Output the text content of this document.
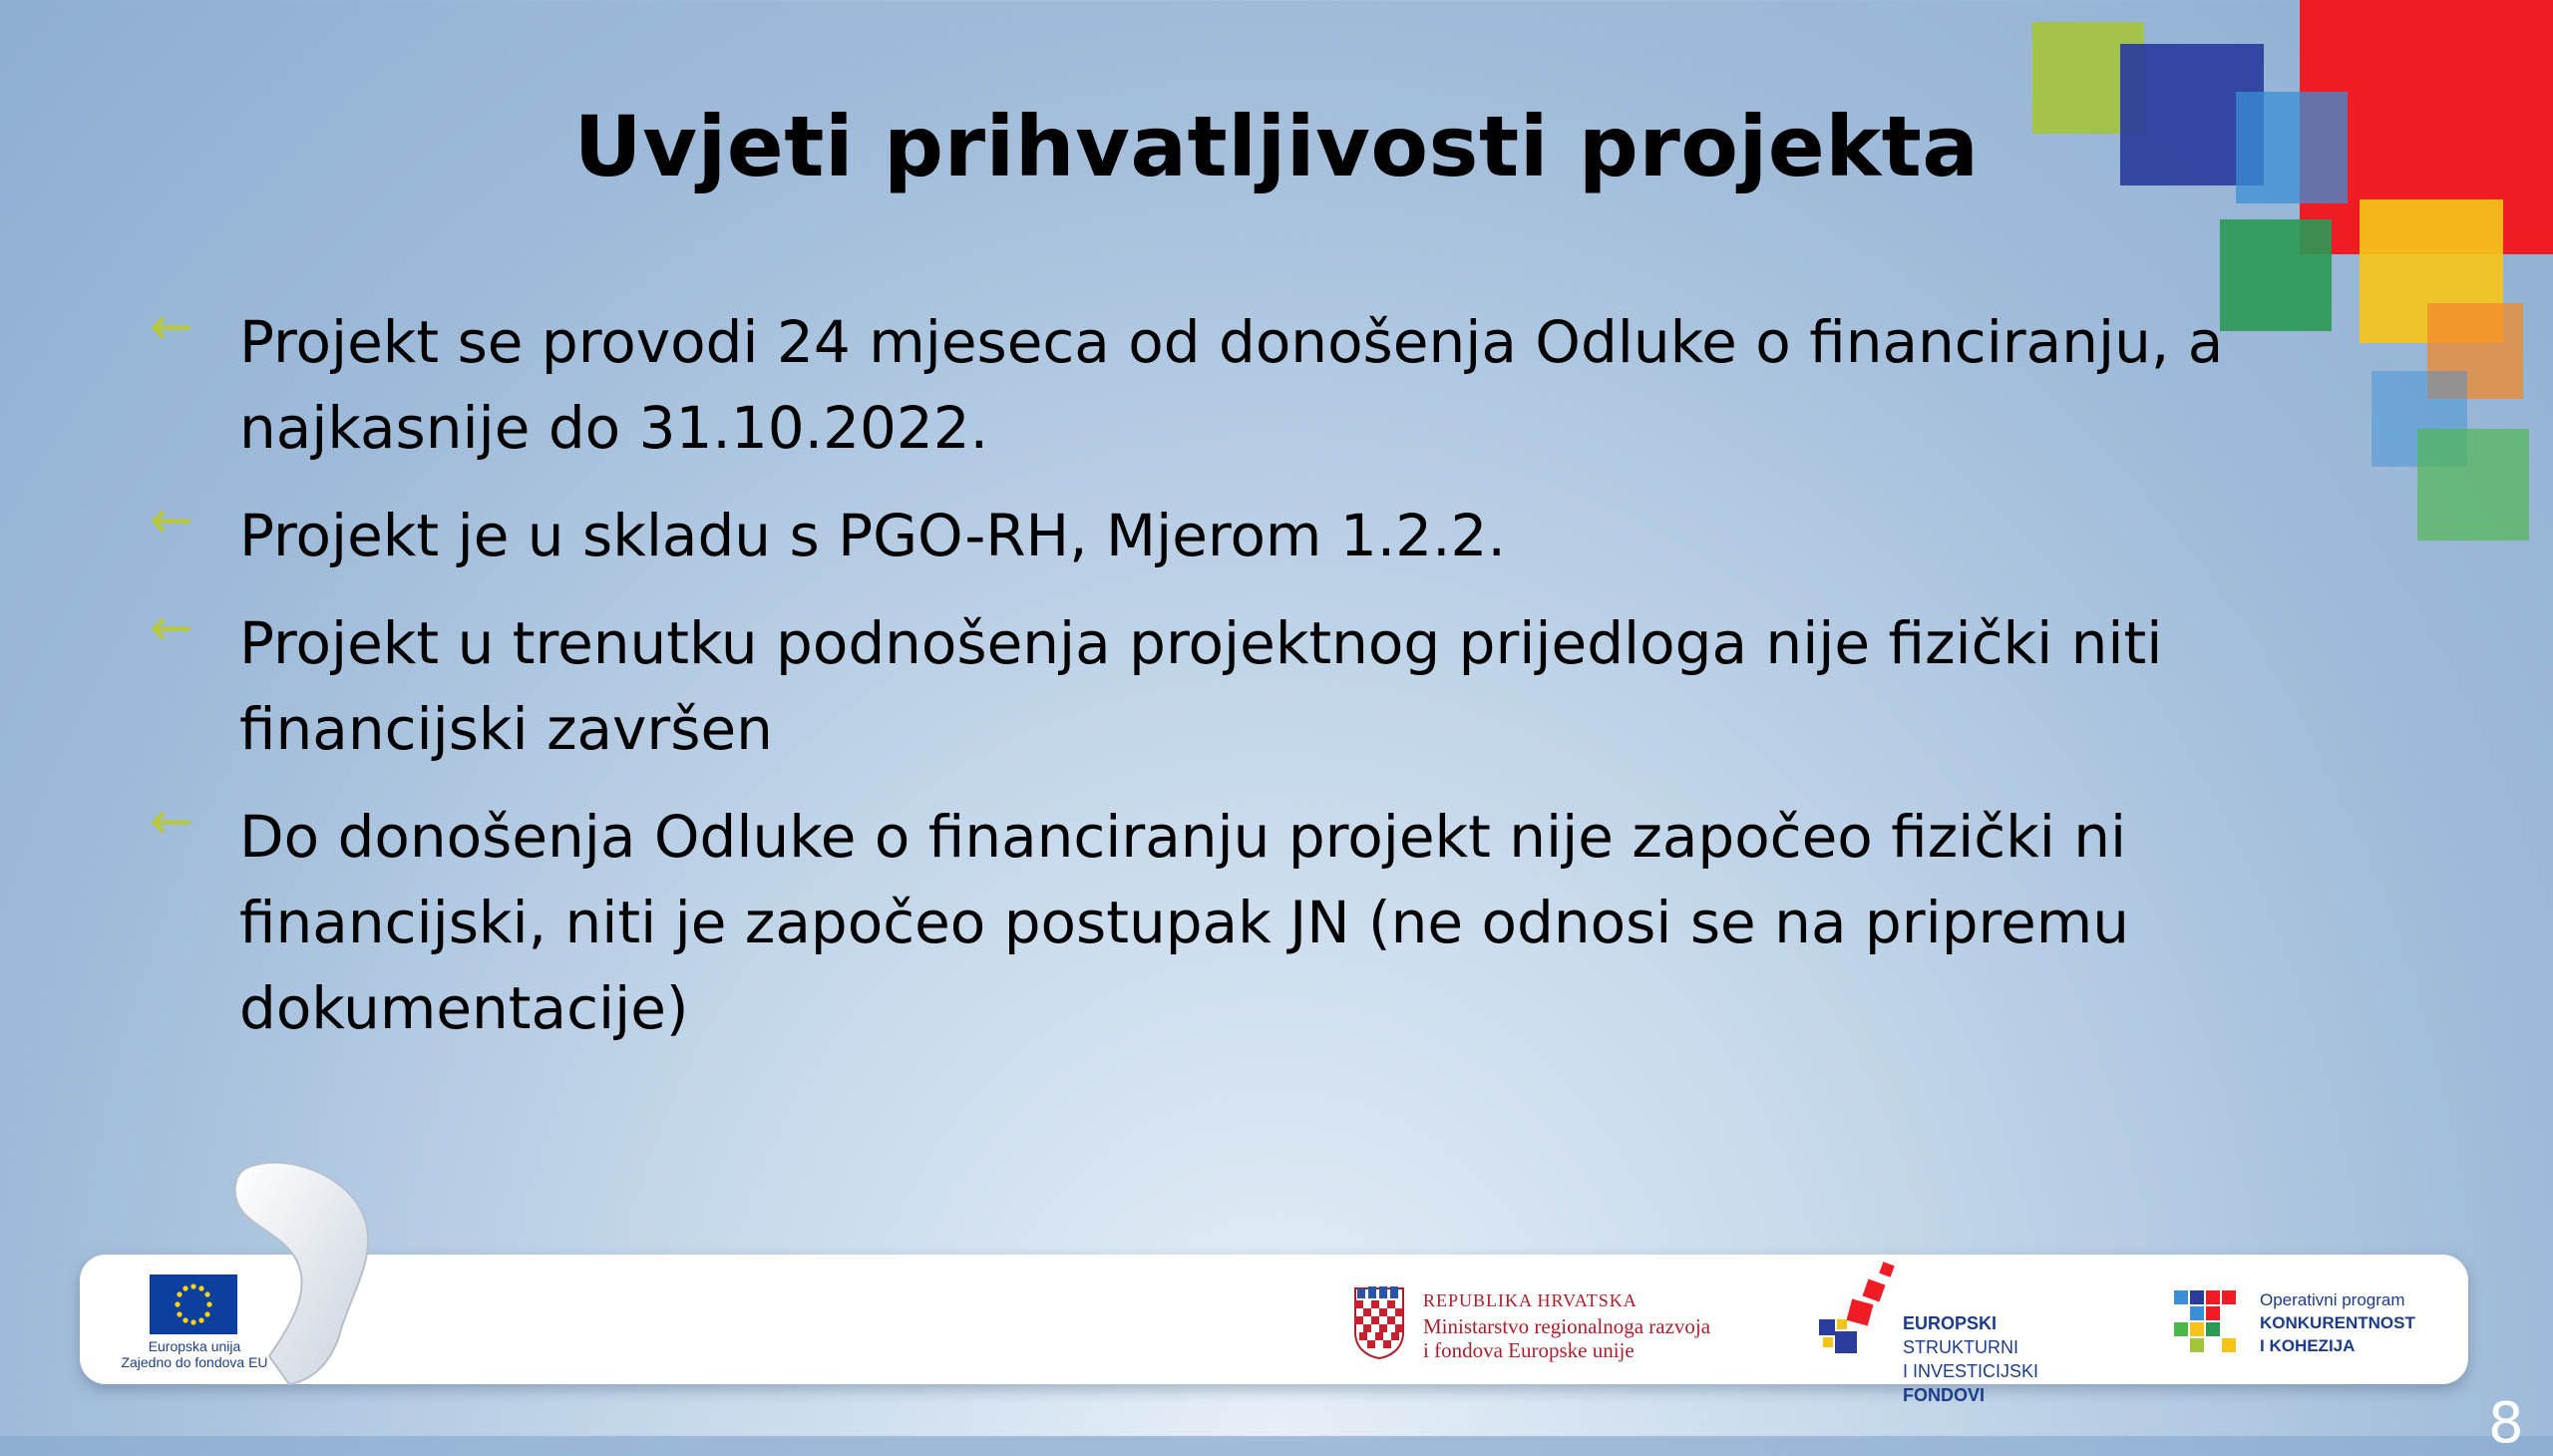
Uvjeti prihvatljivosti projekta
← Projekt se provodi 24 mjeseca od donošenja Odluke o financiranju, a najkasnije do 31.10.2022.
← Projekt je u skladu s PGO-RH, Mjerom 1.2.2.
← Projekt u trenutku podnošenja projektnog prijedloga nije fizički niti financijski završen
← Do donošenja Odluke o financiranju projekt nije započeo fizički ni financijski, niti je započeo postupak JN (ne odnosi se na pripremu dokumentacije)
Europska unija
Zajedno do fondova EU
REPUBLIKA HRVATSKA
Ministarstvo regionalnoga razvoja
i fondova Europske unije
EUROPSKI STRUKTURNI
I INVESTICIJSKI FONDOVI
Operativni program
KONKURENTNOST
I KOHEZIJA
8
